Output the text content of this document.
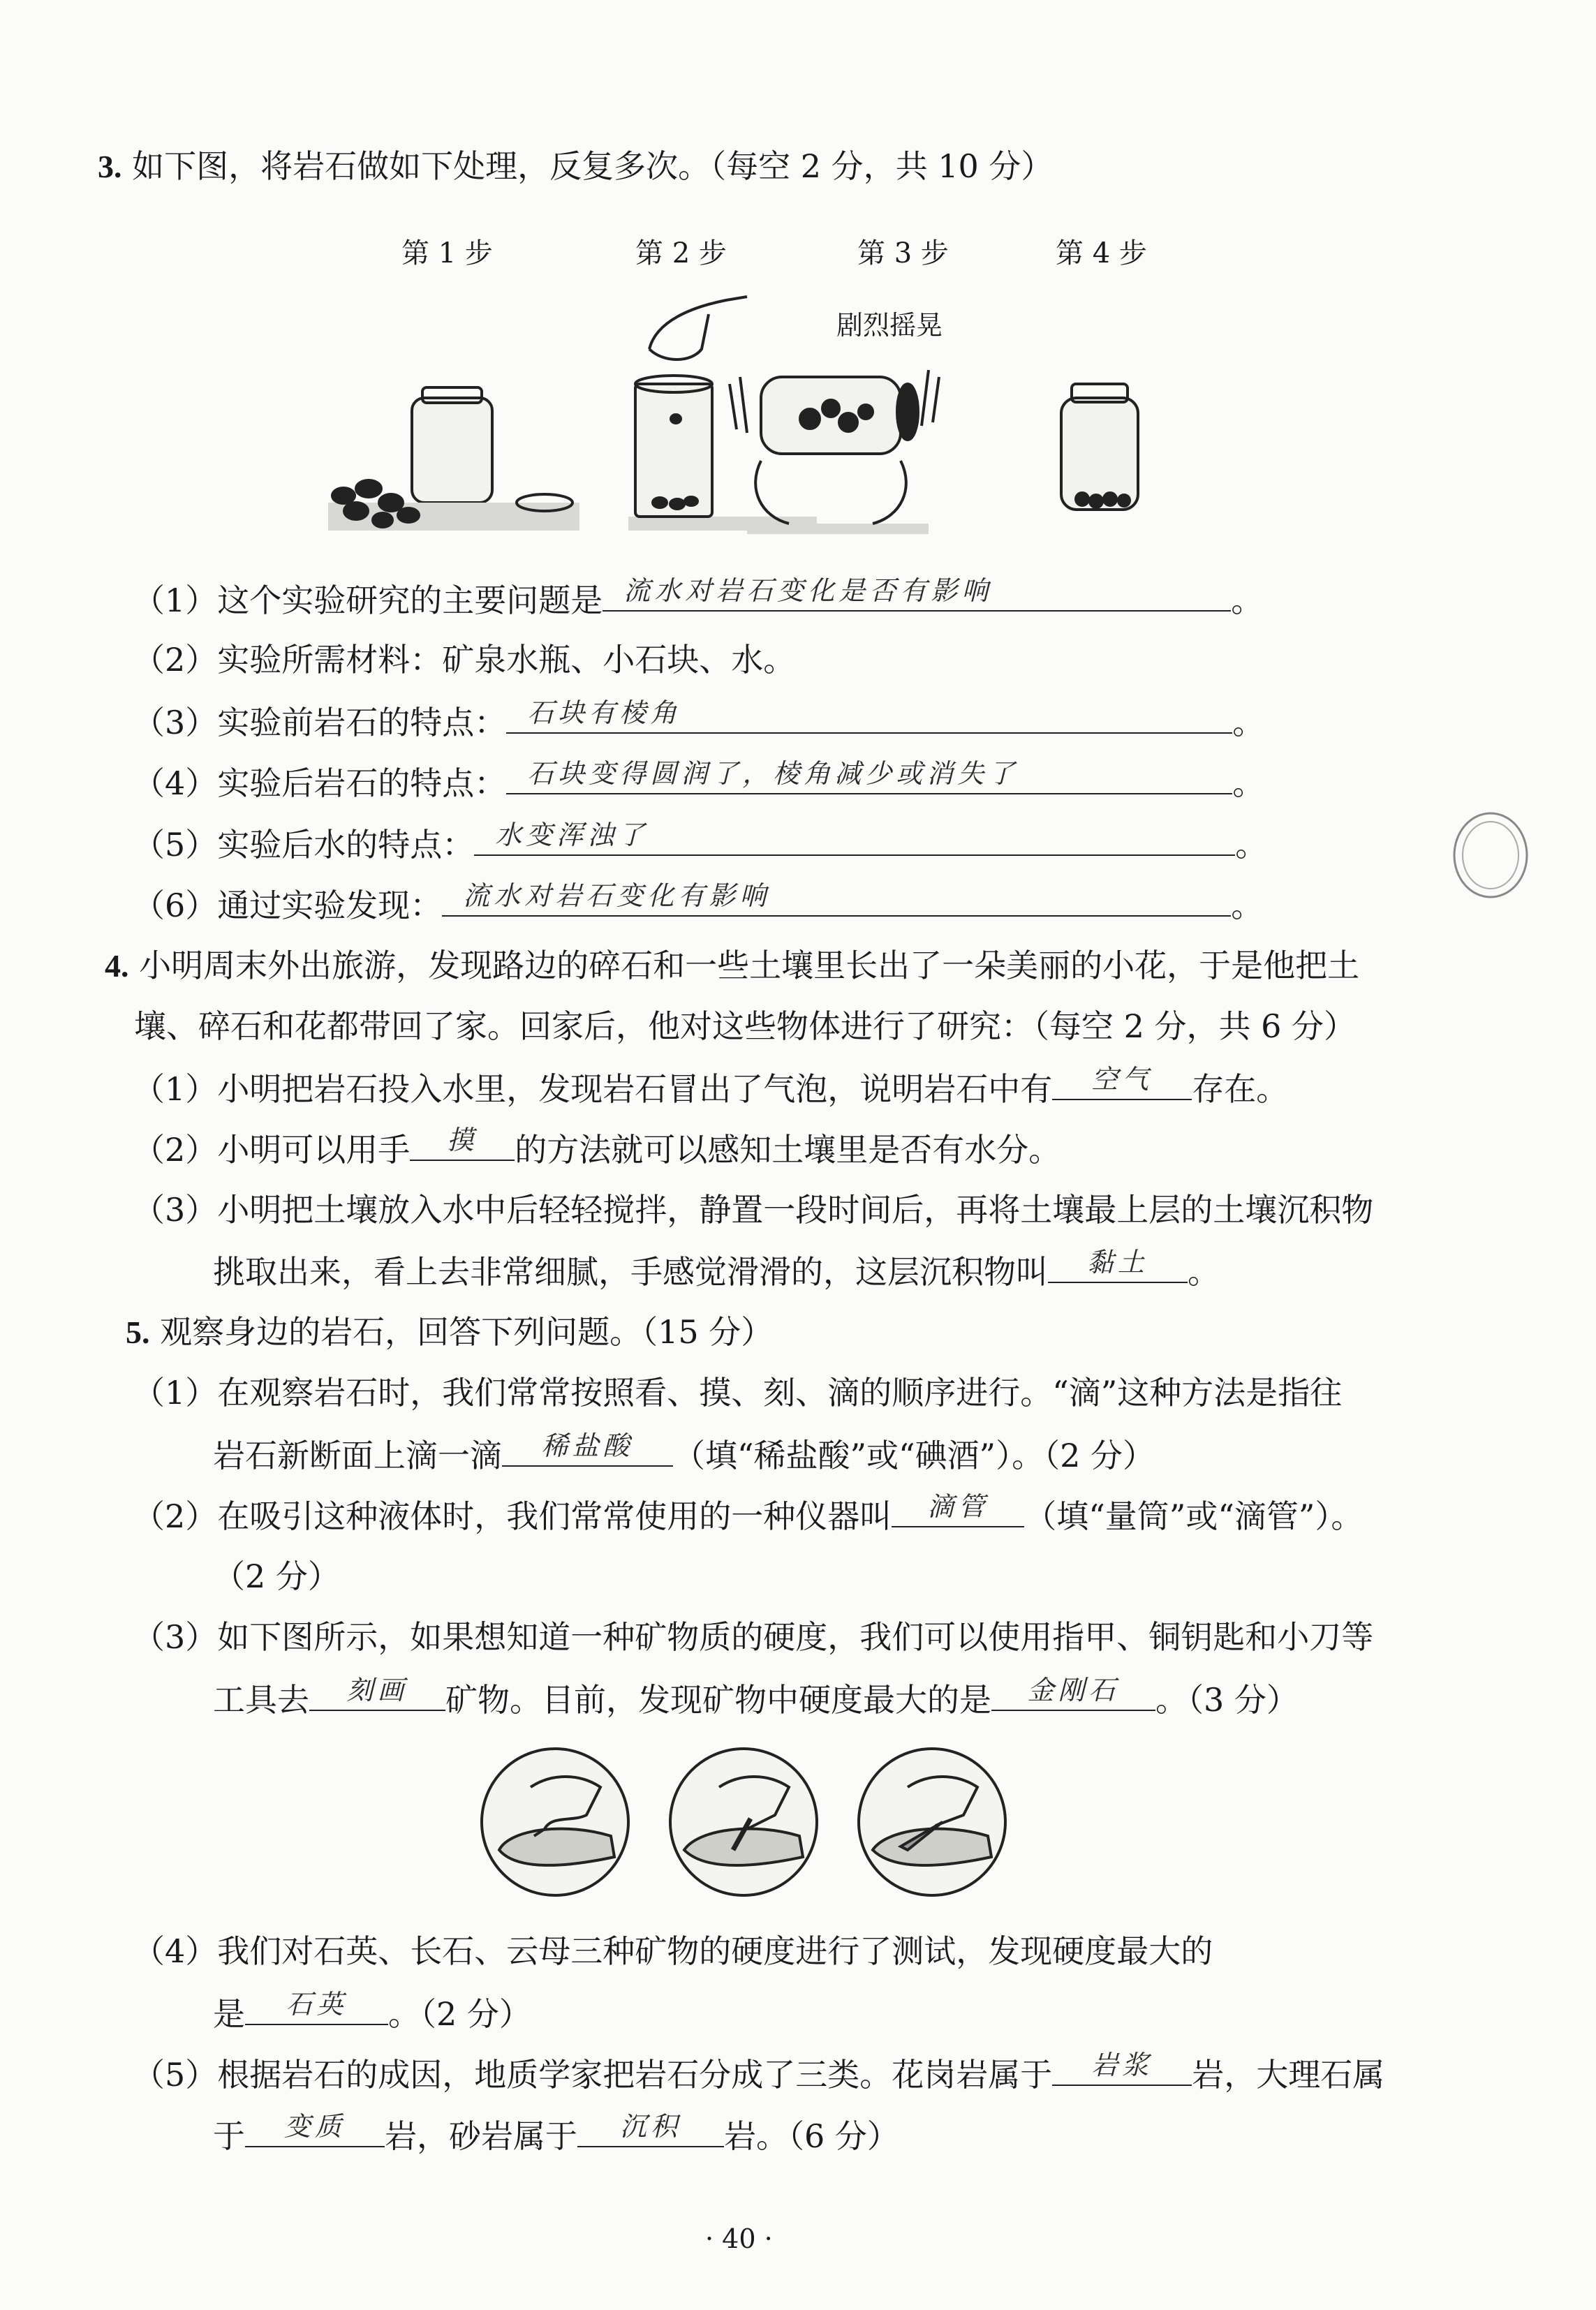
3. 如下图，将岩石做如下处理，反复多次。（每空 2 分，共 10 分）
第 1 步	第 2 步	第 3 步	第 4 步
剧烈摇晃
（1）这个实验研究的主要问题是 流水对岩石变化是否有影响	。
（2）实验所需材料：矿泉水瓶、小石块、水。
（3）实验前岩石的特点： 石块有棱角	。
（4）实验后岩石的特点： 石块变得圆润了，棱角减少或消失了	。
（5）实验后水的特点： 水变浑浊了	。
（6）通过实验发现： 流水对岩石变化有影响	。
4. 小明周末外出旅游，发现路边的碎石和一些土壤里长出了一朵美丽的小花，于是他把土
壤、碎石和花都带回了家。回家后，他对这些物体进行了研究：（每空 2 分，共 6 分）
（1）小明把岩石投入水里，发现岩石冒出了气泡，说明岩石中有	空气	存在。
（2）小明可以用手	摸	的方法就可以感知土壤里是否有水分。
（3）小明把土壤放入水中后轻轻搅拌，静置一段时间后，再将土壤最上层的土壤沉积物
挑取出来，看上去非常细腻，手感觉滑滑的，这层沉积物叫	黏土	。
5. 观察身边的岩石，回答下列问题。（15 分）
（1）在观察岩石时，我们常常按照看、摸、刻、滴的顺序进行。“滴”这种方法是指往
岩石新断面上滴一滴	稀盐酸	（填“稀盐酸”或“碘酒”）。（2 分）
（2）在吸引这种液体时，我们常常使用的一种仪器叫	滴管	（填“量筒”或“滴管”）。
（2 分）
（3）如下图所示，如果想知道一种矿物质的硬度，我们可以使用指甲、铜钥匙和小刀等
工具去	刻画	矿物。目前，发现矿物中硬度最大的是	金刚石	。（3 分）
（4）我们对石英、长石、云母三种矿物的硬度进行了测试，发现硬度最大的
是	石英	。（2 分）
（5）根据岩石的成因，地质学家把岩石分成了三类。花岗岩属于	岩浆	岩，大理石属
于	变质	岩，砂岩属于	沉积	岩。（6 分）
· 40 ·
